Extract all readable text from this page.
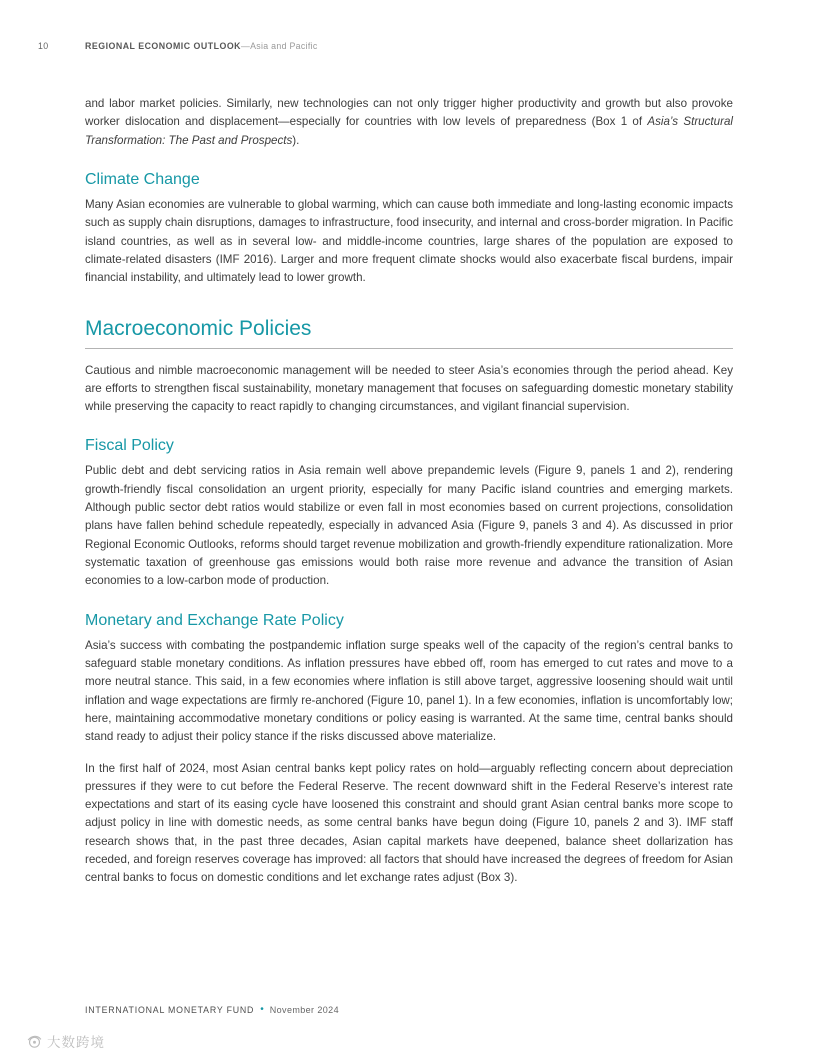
10	REGIONAL ECONOMIC OUTLOOK—Asia and Pacific

and labor market policies. Similarly, new technologies can not only trigger higher productivity and growth but also provoke worker dislocation and displacement—especially for countries with low levels of preparedness (Box 1 of Asia’s Structural Transformation: The Past and Prospects).

Climate Change

Many Asian economies are vulnerable to global warming, which can cause both immediate and long-lasting economic impacts such as supply chain disruptions, damages to infrastructure, food insecurity, and internal and cross-border migration. In Pacific island countries, as well as in several low- and middle-income countries, large shares of the population are exposed to climate-related disasters (IMF 2016). Larger and more frequent climate shocks would also exacerbate fiscal burdens, impair financial instability, and ultimately lead to lower growth.

Macroeconomic Policies

Cautious and nimble macroeconomic management will be needed to steer Asia’s economies through the period ahead. Key are efforts to strengthen fiscal sustainability, monetary management that focuses on safeguarding domestic monetary stability while preserving the capacity to react rapidly to changing circumstances, and vigilant financial supervision.

Fiscal Policy

Public debt and debt servicing ratios in Asia remain well above prepandemic levels (Figure 9, panels 1 and 2), rendering growth-friendly fiscal consolidation an urgent priority, especially for many Pacific island countries and emerging markets. Although public sector debt ratios would stabilize or even fall in most economies based on current projections, consolidation plans have fallen behind schedule repeatedly, especially in advanced Asia (Figure 9, panels 3 and 4). As discussed in prior Regional Economic Outlooks, reforms should target revenue mobilization and growth-friendly expenditure rationalization. More systematic taxation of greenhouse gas emissions would both raise more revenue and advance the transition of Asian economies to a low-carbon mode of production.

Monetary and Exchange Rate Policy

Asia’s success with combating the postpandemic inflation surge speaks well of the capacity of the region’s central banks to safeguard stable monetary conditions. As inflation pressures have ebbed off, room has emerged to cut rates and move to a more neutral stance. This said, in a few economies where inflation is still above target, aggressive loosening should wait until inflation and wage expectations are firmly re-anchored (Figure 10, panel 1). In a few economies, inflation is uncomfortably low; here, maintaining accommodative monetary conditions or policy easing is warranted. At the same time, central banks should stand ready to adjust their policy stance if the risks discussed above materialize.

In the first half of 2024, most Asian central banks kept policy rates on hold—arguably reflecting concern about depreciation pressures if they were to cut before the Federal Reserve. The recent downward shift in the Federal Reserve’s interest rate expectations and start of its easing cycle have loosened this constraint and should grant Asian central banks more scope to adjust policy in line with domestic needs, as some central banks have begun doing (Figure 10, panels 2 and 3). IMF staff research shows that, in the past three decades, Asian capital markets have deepened, balance sheet dollarization has receded, and foreign reserves coverage has improved: all factors that should have increased the degrees of freedom for Asian central banks to focus on domestic conditions and let exchange rates adjust (Box 3).

INTERNATIONAL MONETARY FUND • November 2024
大数跨境
